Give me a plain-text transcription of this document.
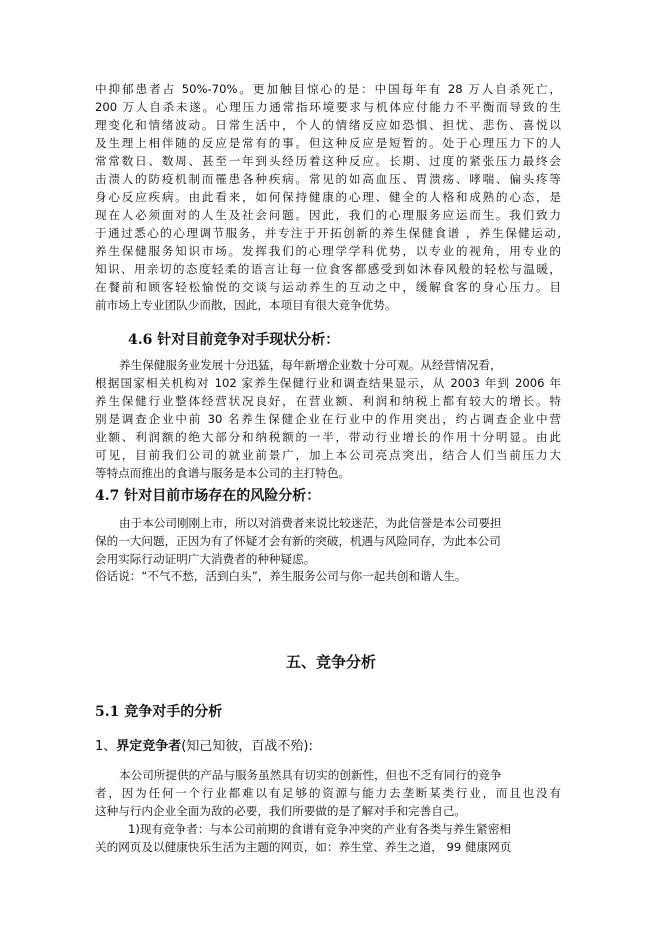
中抑郁患者占 50%-70%。更加触目惊心的是：中国每年有 28 万人自杀死亡，

200 万人自杀未遂。心理压力通常指环境要求与机体应付能力不平衡而导致的生

理变化和情绪波动。日常生活中，个人的情绪反应如恐惧、担忧、悲伤、喜悦以

及生理上相伴随的反应是常有的事。但这种反应是短暂的。处于心理压力下的人

常常数日、数周、甚至一年到头经历着这种反应。长期、过度的紧张压力最终会

击溃人的防疫机制而罹患各种疾病。常见的如高血压、胃溃疡、哮喘、偏头疼等

身心反应疾病。由此看来，如何保持健康的心理、健全的人格和成熟的心态，是

现在人必须面对的人生及社会问题。因此，我们的心理服务应运而生。我们致力

于通过悉心的心理调节服务，并专注于开拓创新的养生保健食谱 ，养生保健运动,

养生保健服务知识市场。发挥我们的心理学学科优势，以专业的视角，用专业的

知识、用亲切的态度轻柔的语言让每一位食客都感受到如沐春风般的轻松与温暖，

在餐前和顾客轻松愉悦的交谈与运动养生的互动之中，缓解食客的身心压力。目

前市场上专业团队少而散，因此，本项目有很大竞争优势。

4.6 针对目前竞争对手现状分析：

养生保健服务业发展十分迅猛，每年新增企业数十分可观。从经营情况看，

根据国家相关机构对 102 家养生保健行业和调查结果显示，从 2003 年到 2006 年

养生保健行业整体经营状况良好，在营业额、利润和纳税上都有较大的增长。特

别是调查企业中前 30 名养生保健企业在行业中的作用突出，约占调查企业中营

业额、利润额的绝大部分和纳税额的一半，带动行业增长的作用十分明显。由此

可见，目前我们公司的就业前景广，加上本公司亮点突出，结合人们当前压力大

等特点而推出的食谱与服务是本公司的主打特色。

4.7 针对目前市场存在的风险分析：

由于本公司刚刚上市，所以对消费者来说比较迷茫，为此信誉是本公司要担

保的一大问题，正因为有了怀疑才会有新的突破，机遇与风险同存，为此本公司

会用实际行动证明广大消费者的种种疑虑。

俗话说：“不气不愁，活到白头”，养生服务公司与你一起共创和谐人生。

五、竞争分析
5.1 竞争对手的分析

1、界定竞争者(知己知彼，百战不殆):

本公司所提供的产品与服务虽然具有切实的创新性，但也不乏有同行的竞争

者，因为任何一个行业都难以有足够的资源与能力去垄断某类行业，而且也没有

这种与行内企业全面为敌的必要，我们所要做的是了解对手和完善自己。

1)现有竞争者：与本公司前期的食谱有竞争冲突的产业有各类与养生紧密相

关的网页及以健康快乐生活为主题的网页，如：养生堂、养生之道， 99 健康网页
